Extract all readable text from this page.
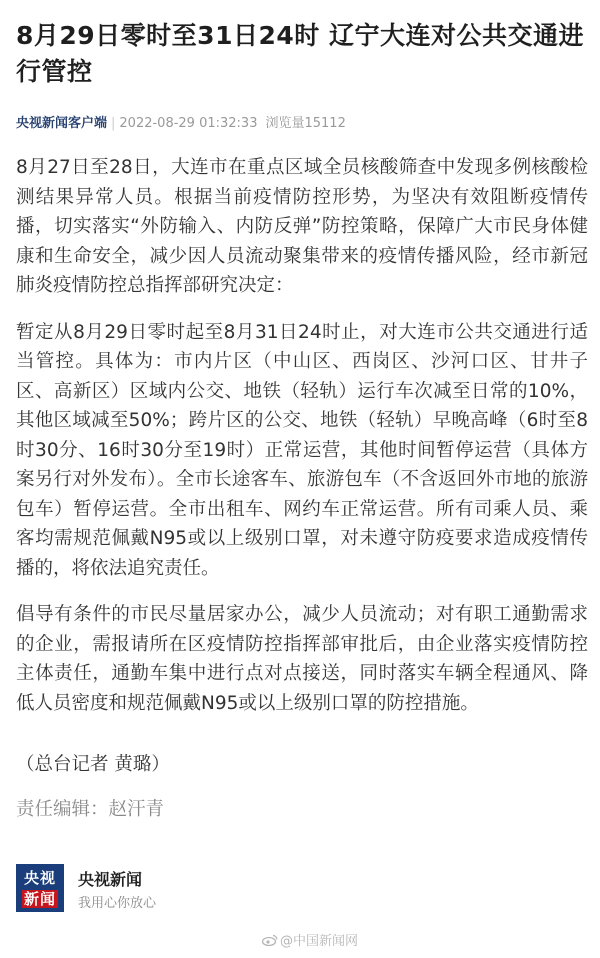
8月29日零时至31日24时 辽宁大连对公共交通进行管控
央视新闻客户端 | 2022-08-29 01:32:33 浏览量15112

8月27日至28日，大连市在重点区域全员核酸筛查中发现多例核酸检测结果异常人员。根据当前疫情防控形势，为坚决有效阻断疫情传播，切实落实“外防输入、内防反弹”防控策略，保障广大市民身体健康和生命安全，减少因人员流动聚集带来的疫情传播风险，经市新冠肺炎疫情防控总指挥部研究决定：

暂定从8月29日零时起至8月31日24时止，对大连市公共交通进行适当管控。具体为：市内片区（中山区、西岗区、沙河口区、甘井子区、高新区）区域内公交、地铁（轻轨）运行车次减至日常的10%，其他区域减至50%；跨片区的公交、地铁（轻轨）早晚高峰（6时至8时30分、16时30分至19时）正常运营，其他时间暂停运营（具体方案另行对外发布）。全市长途客车、旅游包车（不含返回外市地的旅游包车）暂停运营。全市出租车、网约车正常运营。所有司乘人员、乘客均需规范佩戴N95或以上级别口罩，对未遵守防疫要求造成疫情传播的，将依法追究责任。

倡导有条件的市民尽量居家办公，减少人员流动；对有职工通勤需求的企业，需报请所在区疫情防控指挥部审批后，由企业落实疫情防控主体责任，通勤车集中进行点对点接送，同时落实车辆全程通风、降低人员密度和规范佩戴N95或以上级别口罩的防控措施。

（总台记者 黄璐）
责任编辑：赵汗青
央视
新闻
央视新闻
我用心你放心
@中国新闻网
